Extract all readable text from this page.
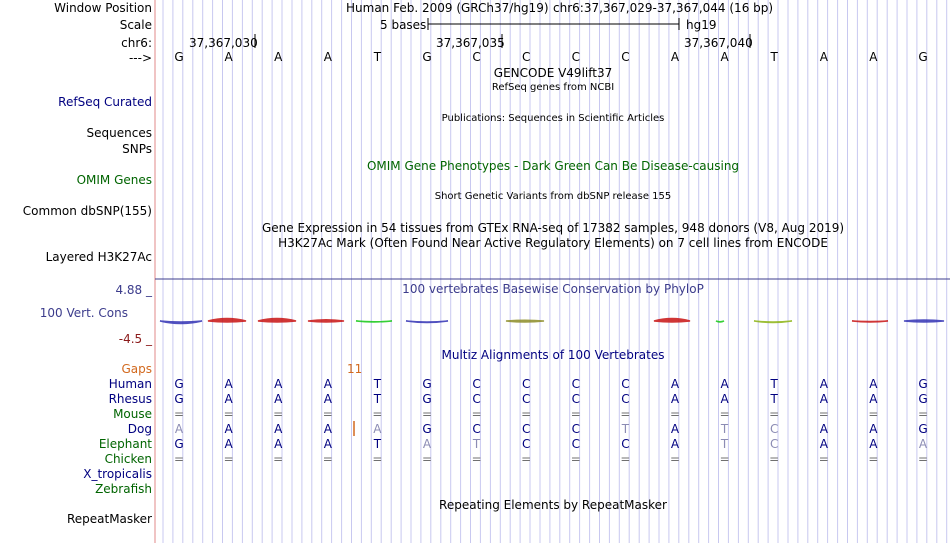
Window Position	Human Feb. 2009 (GRCh37/hg19) chr6:37,367,029-37,367,044 (16 bp)
Scale	5 bases	hg19
chr6:	37,367,030	37,367,035	37,367,040
--->	G	A	A	A	T	G	C	C	C	C	A	A	T	A	A	G
GENCODE V49lift37
RefSeq genes from NCBI
RefSeq Curated
Publications: Sequences in Scientific Articles
Sequences
SNPs
OMIM Gene Phenotypes - Dark Green Can Be Disease-causing
OMIM Genes
Short Genetic Variants from dbSNP release 155
Common dbSNP(155)
Gene Expression in 54 tissues from GTEx RNA-seq of 17382 samples, 948 donors (V8, Aug 2019)
H3K27Ac Mark (Often Found Near Active Regulatory Elements) on 7 cell lines from ENCODE
Layered H3K27Ac
4.88 _	100 vertebrates Basewise Conservation by PhyloP
100 Vert. Cons
-4.5 _
Multiz Alignments of 100 Vertebrates
Gaps	11
Human	G	A	A	A	T	G	C	C	C	C	A	A	T	A	A	G
Rhesus	G	A	A	A	T	G	C	C	C	C	A	A	T	A	A	G
Mouse	=	=	=	=	=	=	=	=	=	=	=	=	=	=	=	=
Dog	A	A	A	A	A	G	C	C	C	T	A	T	C	A	A	G
Elephant	G	A	A	A	T	A	T	C	C	C	A	T	C	A	A	A
Chicken	=	=	=	=	=	=	=	=	=	=	=	=	=	=	=	=
X_tropicalis
Zebrafish
Repeating Elements by RepeatMasker
RepeatMasker
